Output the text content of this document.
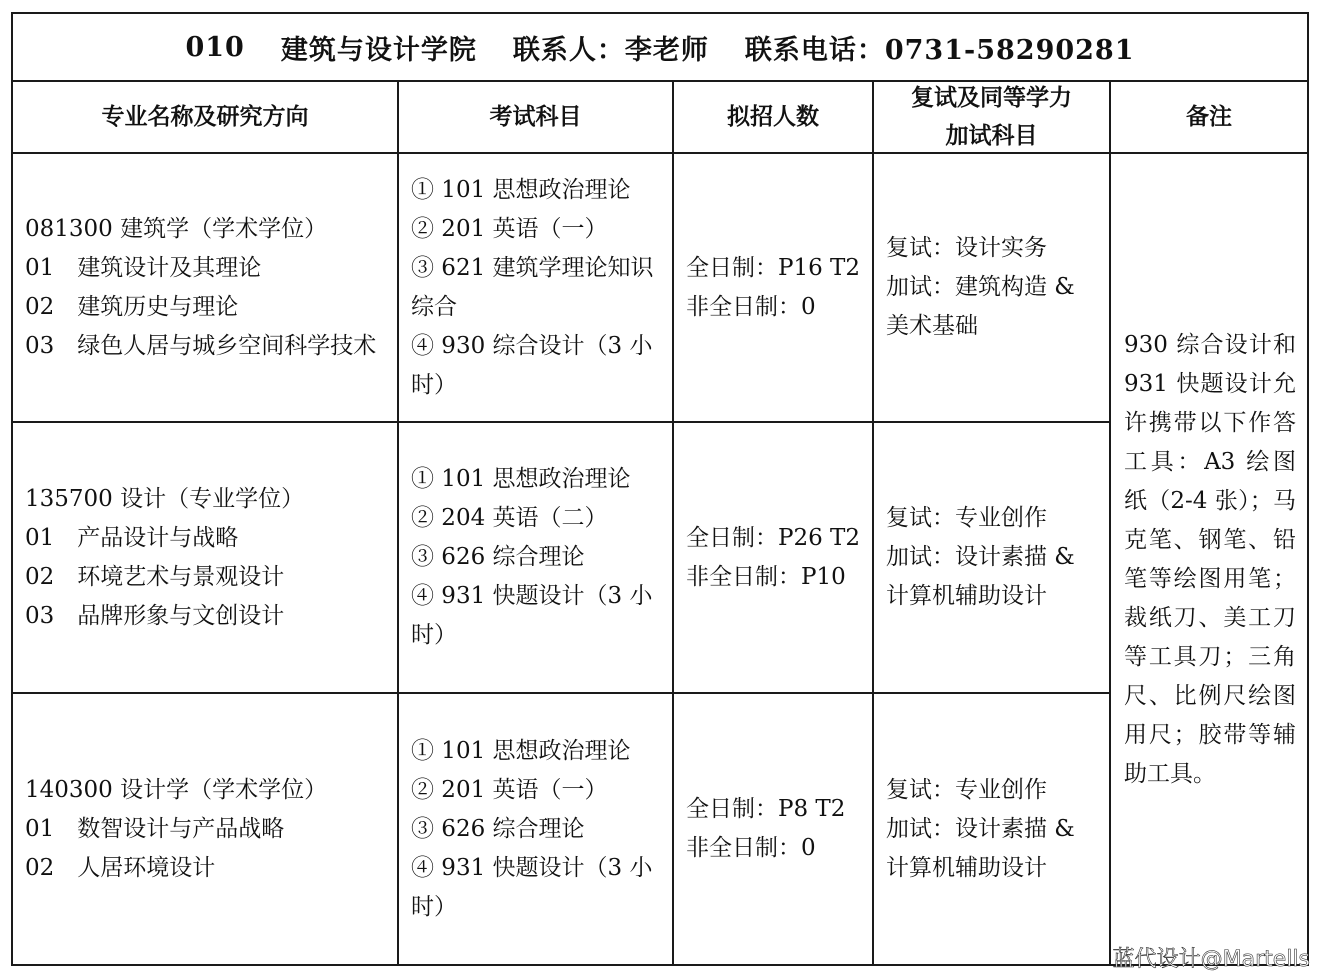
010 建筑与设计学院 联系人：李老师 联系电话：0731-58290281
专业名称及研究方向	考试科目	拟招人数
复试及同等学力
加试科目
备注
081300 建筑学（学术学位）
01　建筑设计及其理论
02　建筑历史与理论
03　绿色人居与城乡空间科学技术
① 101 思想政治理论
② 201 英语（一）
③ 621 建筑学理论知识综合
④ 930 综合设计（3 小时）
全日制：P16 T2
非全日制：0
复试：设计实务
加试：建筑构造 & 美术基础
135700 设计（专业学位）
01　产品设计与战略
02　环境艺术与景观设计
03　品牌形象与文创设计
① 101 思想政治理论
② 204 英语（二）
③ 626 综合理论
④ 931 快题设计（3 小时）
全日制：P26 T2
非全日制：P10
复试：专业创作
加试：设计素描 & 计算机辅助设计
140300 设计学（学术学位）
01　数智设计与产品战略
02　人居环境设计
① 101 思想政治理论
② 201 英语（一）
③ 626 综合理论
④ 931 快题设计（3 小时）
全日制：P8 T2
非全日制：0
复试：专业创作
加试：设计素描 & 计算机辅助设计
930 综合设计和 931 快题设计允许携带以下作答工具：A3 绘图纸（2-4 张）；马克笔、钢笔、铅笔等绘图用笔；裁纸刀、美工刀等工具刀；三角尺、比例尺绘图用尺；胶带等辅助工具。
蓝代设计@Martells
